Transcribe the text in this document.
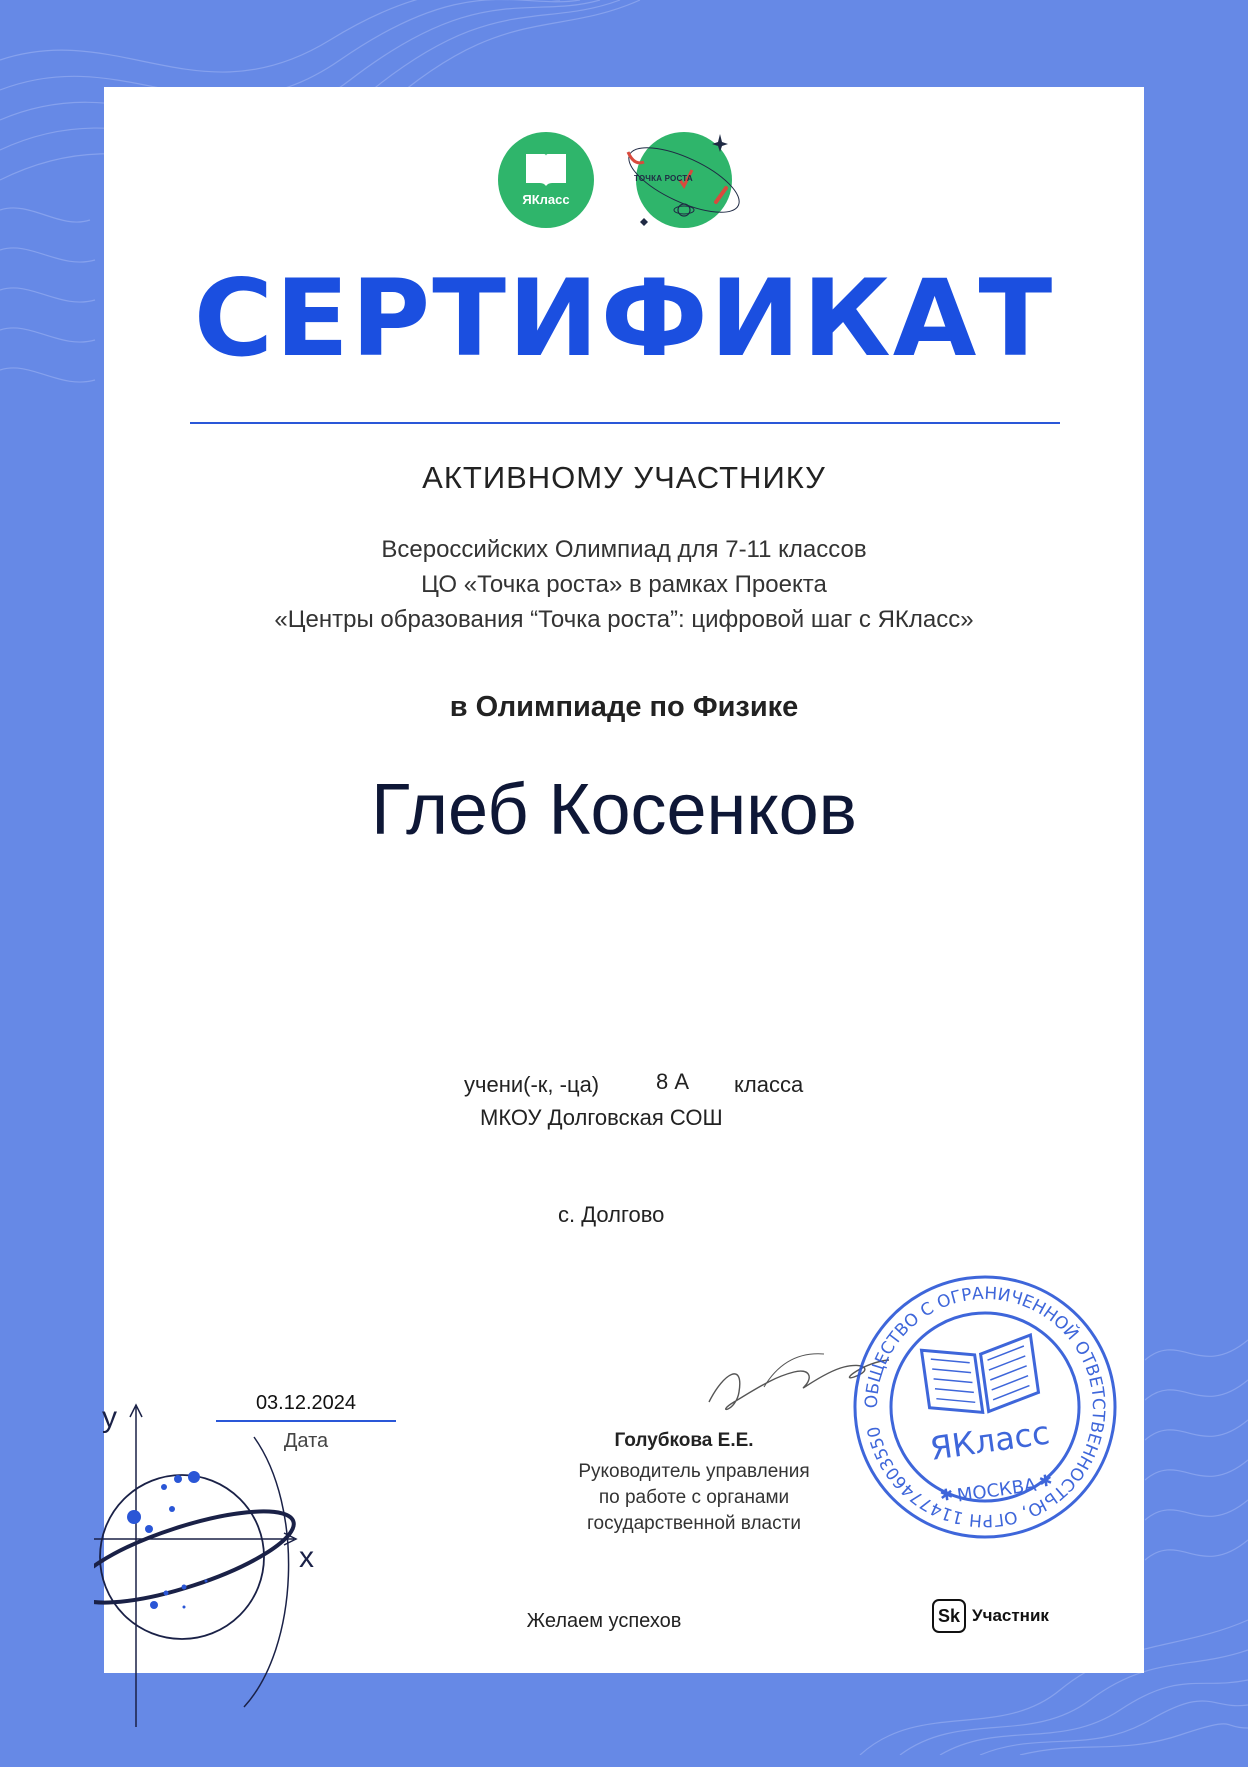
ЯКласс
ТОЧКА РОСТА
СЕРТИФИКАТ
АКТИВНОМУ УЧАСТНИКУ
Всероссийских Олимпиад для 7-11 классов
ЦО «Точка роста» в рамках Проекта
«Центры образования “Точка роста”: цифровой шаг с ЯКласс»
в Олимпиаде по Физике
Глеб Косенков
учени(-к, -ца)	8 А класса
МКОУ Долговская СОШ
с. Долгово
03.12.2024
Дата	Голубкова Е.Е.
Руководитель управления
по работе с органами
государственной власти
ОБЩЕСТВО С ОГРАНИЧЕННОЙ ОТВЕТСТВЕННОСТЬЮ, ОГРН 1147746035502
ЯКласс
МОСКВА
✱
✱
Желаем успехов	Sk Участник
y
x
